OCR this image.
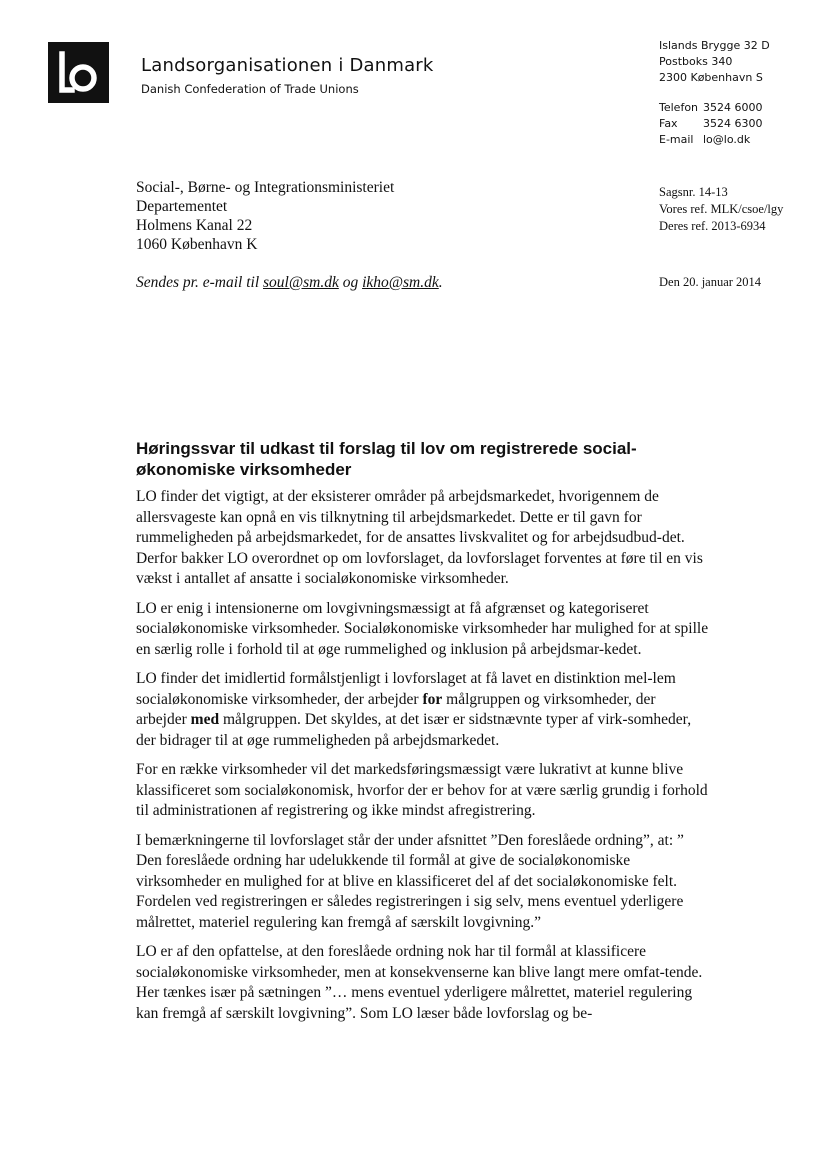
Landsorganisationen i Danmark
Danish Confederation of Trade Unions
Islands Brygge 32 D
Postboks 340
2300 København S
Telefon 3524 6000
Fax 3524 6300
E-mail lo@lo.dk
Social-, Børne- og Integrationsministeriet
Departementet
Holmens Kanal 22
1060 København K
Sagsnr. 14-13
Vores ref. MLK/csoe/lgy
Deres ref. 2013-6934
Sendes pr. e-mail til soul@sm.dk og ikho@sm.dk.	Den 20. januar 2014
Høringssvar til udkast til forslag til lov om registrerede social-økonomiske virksomheder

LO finder det vigtigt, at der eksisterer områder på arbejdsmarkedet, hvorigennem de allersvageste kan opnå en vis tilknytning til arbejdsmarkedet. Dette er til gavn for rummeligheden på arbejdsmarkedet, for de ansattes livskvalitet og for arbejdsudbud-det. Derfor bakker LO overordnet op om lovforslaget, da lovforslaget forventes at føre til en vis vækst i antallet af ansatte i socialøkonomiske virksomheder.

LO er enig i intensionerne om lovgivningsmæssigt at få afgrænset og kategoriseret socialøkonomiske virksomheder. Socialøkonomiske virksomheder har mulighed for at spille en særlig rolle i forhold til at øge rummelighed og inklusion på arbejdsmar-kedet.

LO finder det imidlertid formålstjenligt i lovforslaget at få lavet en distinktion mel-lem socialøkonomiske virksomheder, der arbejder for målgruppen og virksomheder, der arbejder med målgruppen. Det skyldes, at det især er sidstnævnte typer af virk-somheder, der bidrager til at øge rummeligheden på arbejdsmarkedet.

For en række virksomheder vil det markedsføringsmæssigt være lukrativt at kunne blive klassificeret som socialøkonomisk, hvorfor der er behov for at være særlig grundig i forhold til administrationen af registrering og ikke mindst afregistrering.

I bemærkningerne til lovforslaget står der under afsnittet ”Den foreslåede ordning”, at: ” Den foreslåede ordning har udelukkende til formål at give de socialøkonomiske virksomheder en mulighed for at blive en klassificeret del af det socialøkonomiske felt. Fordelen ved registreringen er således registreringen i sig selv, mens eventuel yderligere målrettet, materiel regulering kan fremgå af særskilt lovgivning.”

LO er af den opfattelse, at den foreslåede ordning nok har til formål at klassificere socialøkonomiske virksomheder, men at konsekvenserne kan blive langt mere omfat-tende. Her tænkes især på sætningen ”… mens eventuel yderligere målrettet, materiel regulering kan fremgå af særskilt lovgivning”. Som LO læser både lovforslag og be-
